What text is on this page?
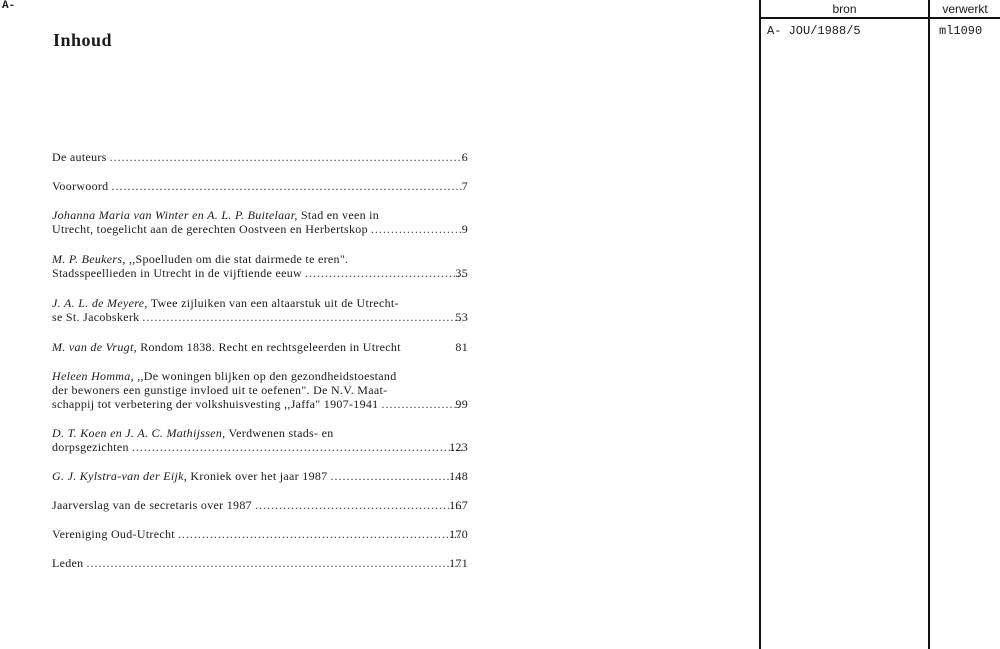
A-
Inhoud
6
De auteurs
.....
7
Voorwoord
.....
Johanna Maria van Winter en A. L. P. Buitelaar, Stad en veen in
9
Utrecht, toegelicht aan de gerechten Oostveen en Herbertskop
.....
M. P. Beukers, ,,Spoelluden om die stat dairmede te eren".
35
Stadsspeellieden in Utrecht in de vijftiende eeuw
.....
J. A. L. de Meyere, Twee zijluiken van een altaarstuk uit de Utrecht-
53
se St. Jacobskerk
.....
81
M. van de Vrugt, Rondom 1838. Recht en rechtsgeleerden in Utrecht
Heleen Homma, ,,De woningen blijken op den gezondheidstoestand
der bewoners een gunstige invloed uit te oefenen". De N.V. Maat-
99
schappij tot verbetering der volkshuisvesting ,,Jaffa" 1907-1941
.....
D. T. Koen en J. A. C. Mathijssen, Verdwenen stads- en
123
dorpsgezichten
.....
148
G. J. Kylstra-van der Eijk, Kroniek over het jaar 1987
.....
167
Jaarverslag van de secretaris over 1987
.....
170
Vereniging Oud-Utrecht
.....
171
Leden
.....
bron	verwerkt
A- JOU/1988/5	ml1090
